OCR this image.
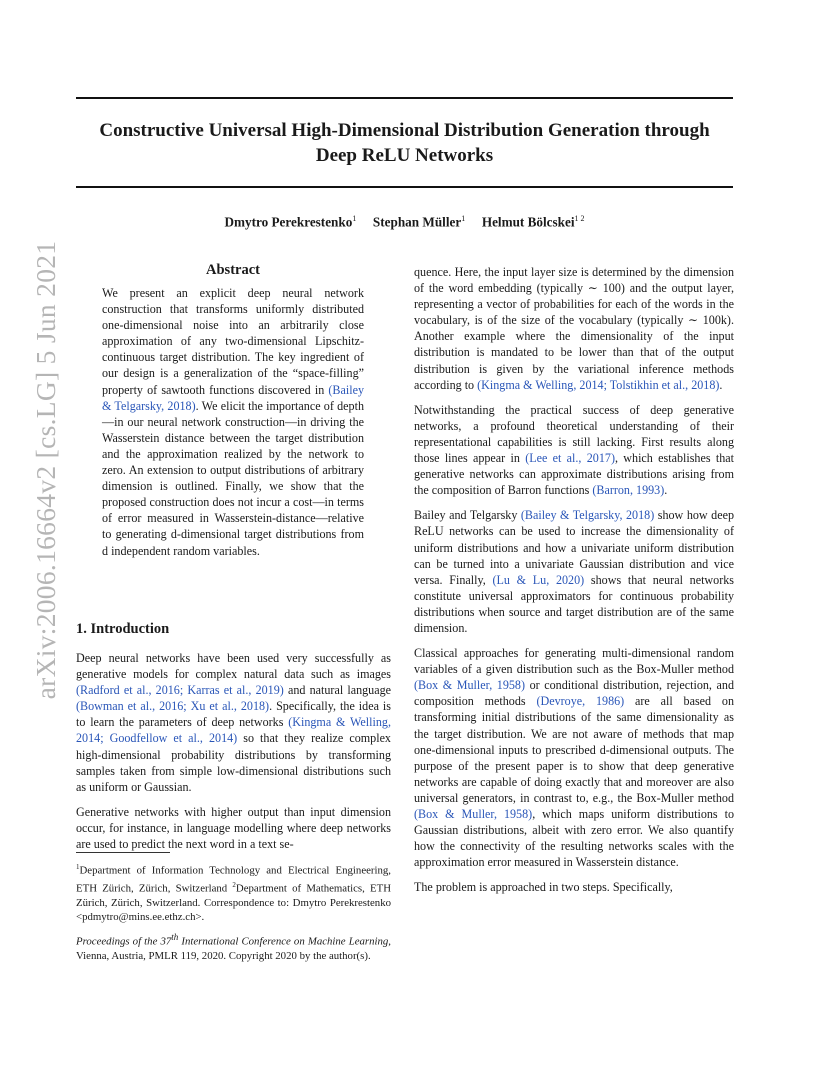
arXiv:2006.16664v2 [cs.LG] 5 Jun 2021
Constructive Universal High-Dimensional Distribution Generation through
Deep ReLU Networks
Dmytro Perekrestenko$^1$ Stephan Müller$^1$ Helmut Bölcskei$^{1 2}$
Abstract

We present an explicit deep neural network construction that transforms uniformly distributed one-dimensional noise into an arbitrarily close approximation of any two-dimensional Lipschitz-continuous target distribution. The key ingredient of our design is a generalization of the “space-filling” property of sawtooth functions discovered in (Bailey & Telgarsky, 2018). We elicit the importance of depth—in our neural network construction—in driving the Wasserstein distance between the target distribution and the approximation realized by the network to zero. An extension to output distributions of arbitrary dimension is outlined. Finally, we show that the proposed construction does not incur a cost—in terms of error measured in Wasserstein-distance—relative to generating d-dimensional target distributions from d independent random variables.

1. Introduction

Deep neural networks have been used very successfully as generative models for complex natural data such as images (Radford et al., 2016; Karras et al., 2019) and natural language (Bowman et al., 2016; Xu et al., 2018). Specifically, the idea is to learn the parameters of deep networks (Kingma & Welling, 2014; Goodfellow et al., 2014) so that they realize complex high-dimensional probability distributions by transforming samples taken from simple low-dimensional distributions such as uniform or Gaussian.

Generative networks with higher output than input dimension occur, for instance, in language modelling where deep networks are used to predict the next word in a text se-

$^1$Department of Information Technology and Electrical Engineering, ETH Zürich, Zürich, Switzerland $^2$Department of Mathematics, ETH Zürich, Zürich, Switzerland. Correspondence to: Dmytro Perekrestenko <pdmytro@mins.ee.ethz.ch>.
Proceedings of the 37th International Conference on Machine Learning, Vienna, Austria, PMLR 119, 2020. Copyright 2020 by the author(s).

quence. Here, the input layer size is determined by the dimension of the word embedding (typically ∼ 100) and the output layer, representing a vector of probabilities for each of the words in the vocabulary, is of the size of the vocabulary (typically ∼ 100k). Another example where the dimensionality of the input distribution is mandated to be lower than that of the output distribution is given by the variational inference methods according to (Kingma & Welling, 2014; Tolstikhin et al., 2018).

Notwithstanding the practical success of deep generative networks, a profound theoretical understanding of their representational capabilities is still lacking. First results along those lines appear in (Lee et al., 2017), which establishes that generative networks can approximate distributions arising from the composition of Barron functions (Barron, 1993).

Bailey and Telgarsky (Bailey & Telgarsky, 2018) show how deep ReLU networks can be used to increase the dimensionality of uniform distributions and how a univariate uniform distribution can be turned into a univariate Gaussian distribution and vice versa. Finally, (Lu & Lu, 2020) shows that neural networks constitute universal approximators for continuous probability distributions when source and target distribution are of the same dimension.

Classical approaches for generating multi-dimensional random variables of a given distribution such as the Box-Muller method (Box & Muller, 1958) or conditional distribution, rejection, and composition methods (Devroye, 1986) are all based on transforming initial distributions of the same dimensionality as the target distribution. We are not aware of methods that map one-dimensional inputs to prescribed d-dimensional outputs. The purpose of the present paper is to show that deep generative networks are capable of doing exactly that and moreover are also universal generators, in contrast to, e.g., the Box-Muller method (Box & Muller, 1958), which maps uniform distributions to Gaussian distributions, albeit with zero error. We also quantify how the connectivity of the resulting networks scales with the approximation error measured in Wasserstein distance.

The problem is approached in two steps. Specifically,
